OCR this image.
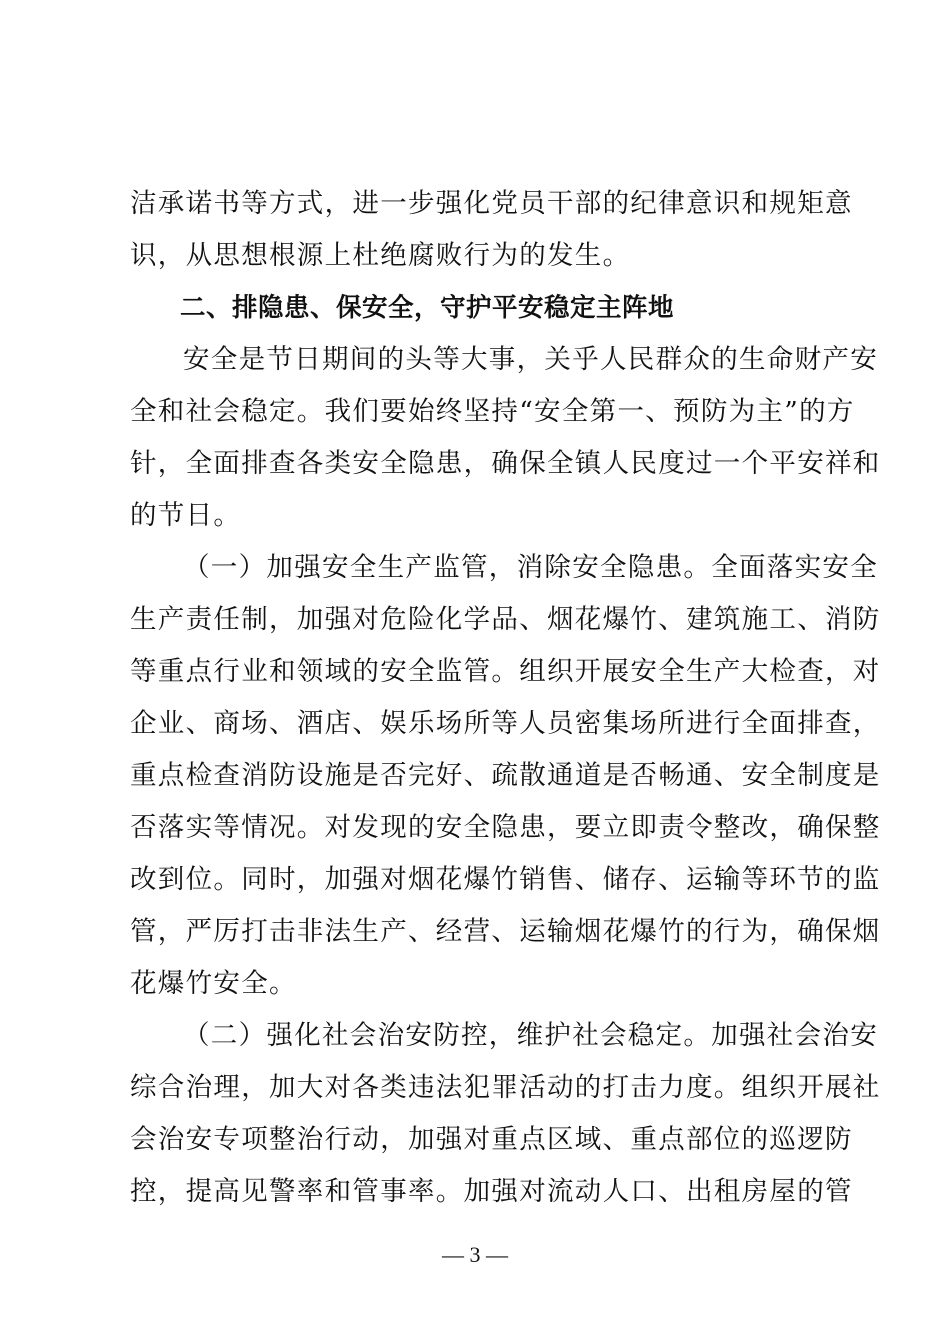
洁承诺书等方式，进一步强化党员干部的纪律意识和规矩意
识，从思想根源上杜绝腐败行为的发生。
二、排隐患、保安全，守护平安稳定主阵地
安全是节日期间的头等大事，关乎人民群众的生命财产安
全和社会稳定。我们要始终坚持“安全第一、预防为主”的方
针，全面排查各类安全隐患，确保全镇人民度过一个平安祥和
的节日。
（一）加强安全生产监管，消除安全隐患。全面落实安全
生产责任制，加强对危险化学品、烟花爆竹、建筑施工、消防
等重点行业和领域的安全监管。组织开展安全生产大检查，对
企业、商场、酒店、娱乐场所等人员密集场所进行全面排查，
重点检查消防设施是否完好、疏散通道是否畅通、安全制度是
否落实等情况。对发现的安全隐患，要立即责令整改，确保整
改到位。同时，加强对烟花爆竹销售、储存、运输等环节的监
管，严厉打击非法生产、经营、运输烟花爆竹的行为，确保烟
花爆竹安全。
（二）强化社会治安防控，维护社会稳定。加强社会治安
综合治理，加大对各类违法犯罪活动的打击力度。组织开展社
会治安专项整治行动，加强对重点区域、重点部位的巡逻防
控，提高见警率和管事率。加强对流动人口、出租房屋的管
— 3 —
